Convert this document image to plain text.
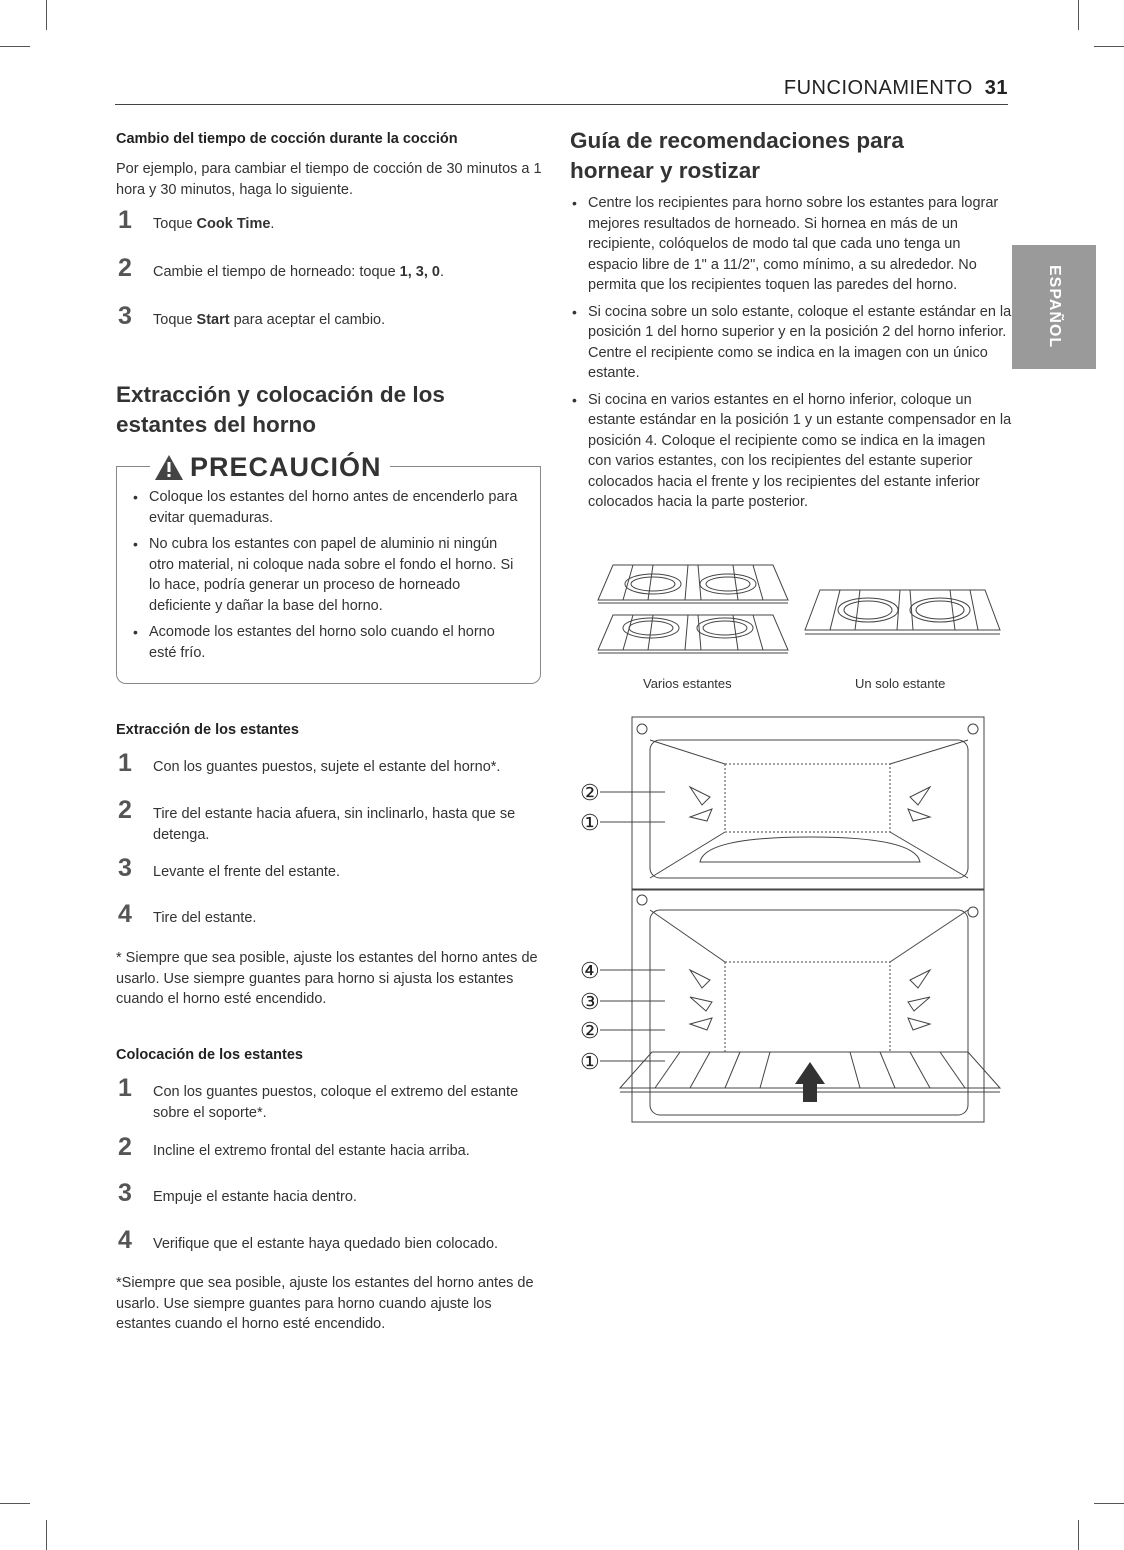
FUNCIONAMIENTO 31
ESPAÑOL
Cambio del tiempo de cocción durante la cocción
Por ejemplo, para cambiar el tiempo de cocción de 30 minutos a 1 hora y 30 minutos, haga lo siguiente.
1 Toque Cook Time.
2 Cambie el tiempo de horneado: toque 1, 3, 0.
3 Toque Start para aceptar el cambio.
Extracción y colocación de los estantes del horno
PRECAUCIÓN
• Coloque los estantes del horno antes de encenderlo para evitar quemaduras.
• No cubra los estantes con papel de aluminio ni ningún otro material, ni coloque nada sobre el fondo el horno. Si lo hace, podría generar un proceso de horneado deficiente y dañar la base del horno.
• Acomode los estantes del horno solo cuando el horno esté frío.
Extracción de los estantes
1 Con los guantes puestos, sujete el estante del horno*.
2 Tire del estante hacia afuera, sin inclinarlo, hasta que se detenga.
3 Levante el frente del estante.
4 Tire del estante.
* Siempre que sea posible, ajuste los estantes del horno antes de usarlo. Use siempre guantes para horno si ajusta los estantes cuando el horno esté encendido.
Colocación de los estantes
1 Con los guantes puestos, coloque el extremo del estante sobre el soporte*.
2 Incline el extremo frontal del estante hacia arriba.
3 Empuje el estante hacia dentro.
4 Verifique que el estante haya quedado bien colocado.
*Siempre que sea posible, ajuste los estantes del horno antes de usarlo. Use siempre guantes para horno cuando ajuste los estantes cuando el horno esté encendido.
Guía de recomendaciones para hornear y rostizar
• Centre los recipientes para horno sobre los estantes para lograr mejores resultados de horneado. Si hornea en más de un recipiente, colóquelos de modo tal que cada uno tenga un espacio libre de 1" a 11/2", como mínimo, a su alrededor. No permita que los recipientes toquen las paredes del horno.
• Si cocina sobre un solo estante, coloque el estante estándar en la posición 1 del horno superior y en la posición 2 del horno inferior. Centre el recipiente como se indica en la imagen con un único estante.
• Si cocina en varios estantes en el horno inferior, coloque un estante estándar en la posición 1 y un estante compensador en la posición 4. Coloque el recipiente como se indica en la imagen con varios estantes, con los recipientes del estante superior colocados hacia el frente y los recipientes del estante inferior colocados hacia la parte posterior.
Varios estantes	Un solo estante
②
①
④
③
②
①
